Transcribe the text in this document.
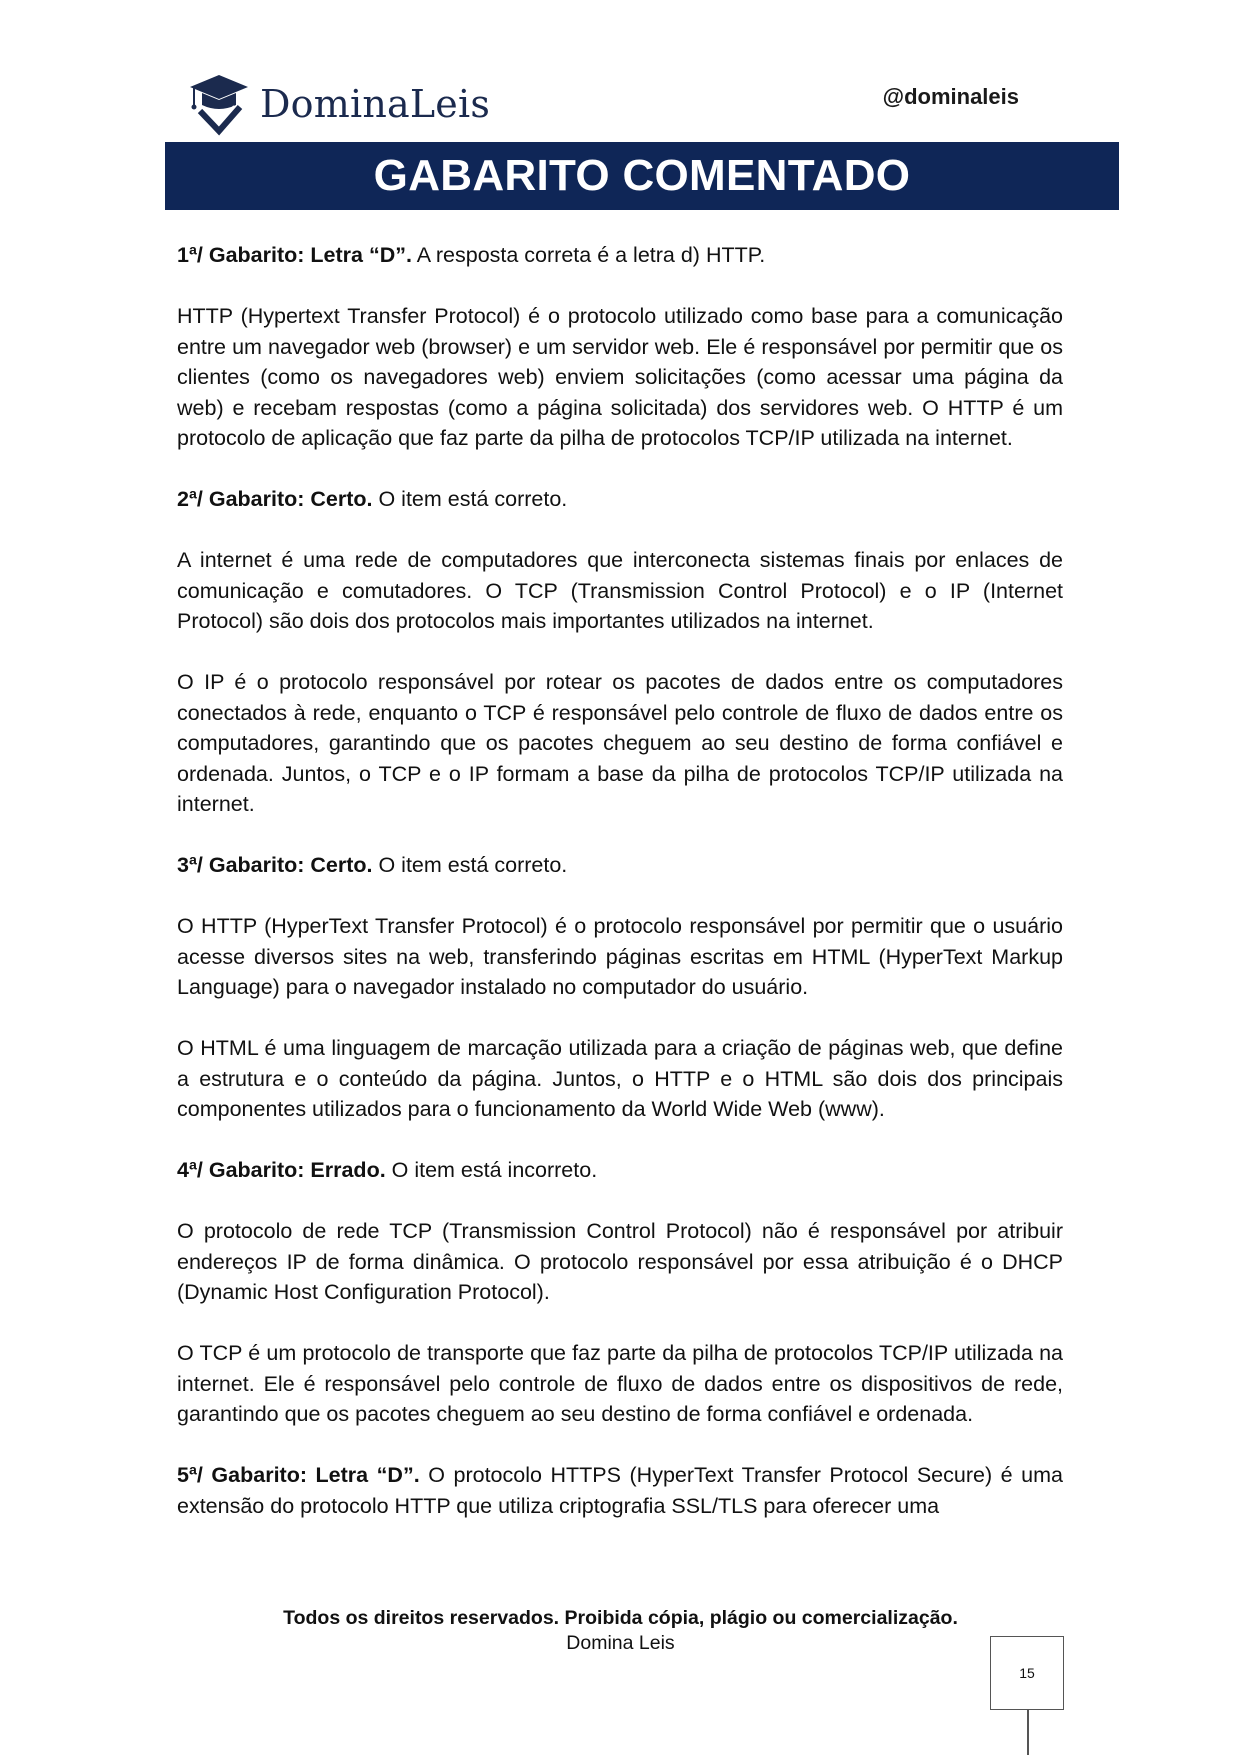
DominaLeis	@dominaleis
GABARITO COMENTADO

1ª/ Gabarito: Letra “D”. A resposta correta é a letra d) HTTP.

HTTP (Hypertext Transfer Protocol) é o protocolo utilizado como base para a comunicação entre um navegador web (browser) e um servidor web. Ele é responsável por permitir que os clientes (como os navegadores web) enviem solicitações (como acessar uma página da web) e recebam respostas (como a página solicitada) dos servidores web. O HTTP é um protocolo de aplicação que faz parte da pilha de protocolos TCP/IP utilizada na internet.

2ª/ Gabarito: Certo. O item está correto.

A internet é uma rede de computadores que interconecta sistemas finais por enlaces de comunicação e comutadores. O TCP (Transmission Control Protocol) e o IP (Internet Protocol) são dois dos protocolos mais importantes utilizados na internet.

O IP é o protocolo responsável por rotear os pacotes de dados entre os computadores conectados à rede, enquanto o TCP é responsável pelo controle de fluxo de dados entre os computadores, garantindo que os pacotes cheguem ao seu destino de forma confiável e ordenada. Juntos, o TCP e o IP formam a base da pilha de protocolos TCP/IP utilizada na internet.

3ª/ Gabarito: Certo. O item está correto.

O HTTP (HyperText Transfer Protocol) é o protocolo responsável por permitir que o usuário acesse diversos sites na web, transferindo páginas escritas em HTML (HyperText Markup Language) para o navegador instalado no computador do usuário.

O HTML é uma linguagem de marcação utilizada para a criação de páginas web, que define a estrutura e o conteúdo da página. Juntos, o HTTP e o HTML são dois dos principais componentes utilizados para o funcionamento da World Wide Web (www).

4ª/ Gabarito: Errado. O item está incorreto.

O protocolo de rede TCP (Transmission Control Protocol) não é responsável por atribuir endereços IP de forma dinâmica. O protocolo responsável por essa atribuição é o DHCP (Dynamic Host Configuration Protocol).

O TCP é um protocolo de transporte que faz parte da pilha de protocolos TCP/IP utilizada na internet. Ele é responsável pelo controle de fluxo de dados entre os dispositivos de rede, garantindo que os pacotes cheguem ao seu destino de forma confiável e ordenada.

5ª/ Gabarito: Letra “D”. O protocolo HTTPS (HyperText Transfer Protocol Secure) é uma extensão do protocolo HTTP que utiliza criptografia SSL/TLS para oferecer uma

Todos os direitos reservados. Proibida cópia, plágio ou comercialização.
Domina Leis
15
